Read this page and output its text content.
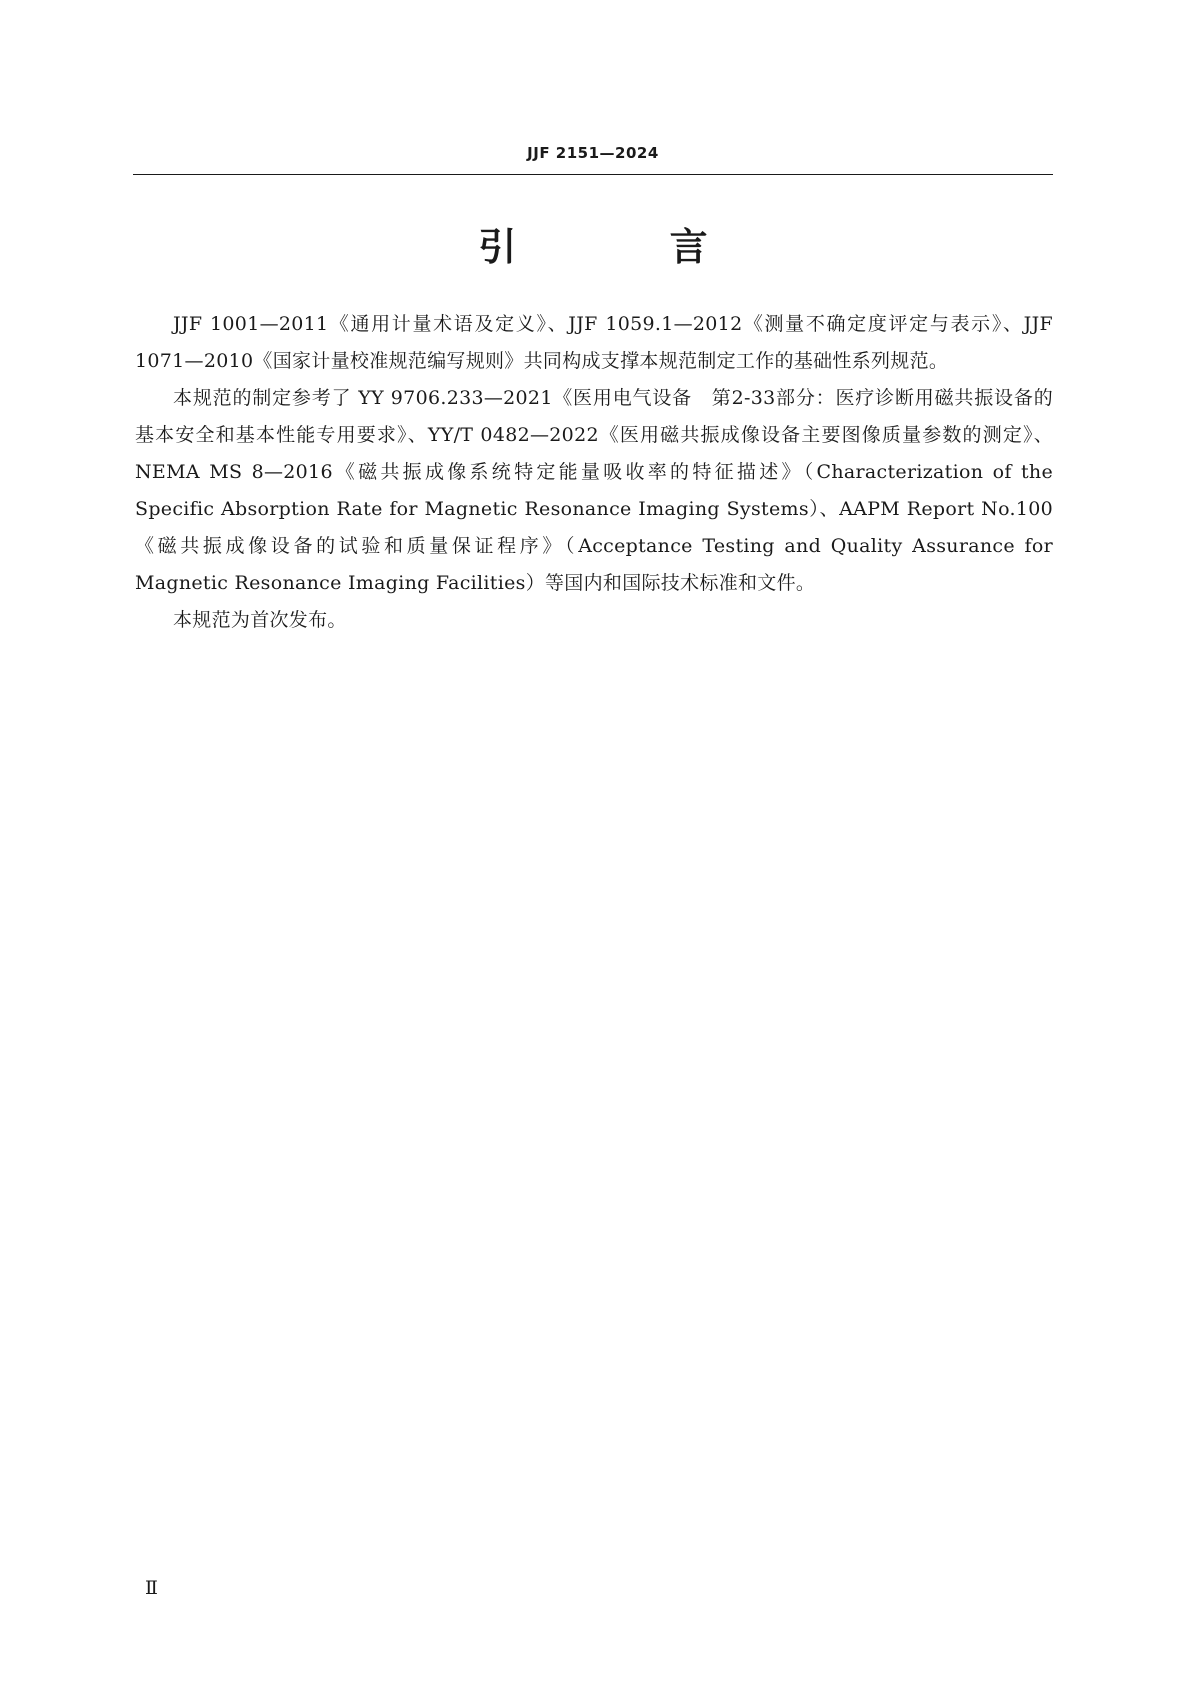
JJF 2151—2024
引 言

JJF 1001—2011《通用计量术语及定义》、JJF 1059.1—2012《测量不确定度评定与表示》、JJF 1071—2010《国家计量校准规范编写规则》共同构成支撑本规范制定工作的基础性系列规范。

本规范的制定参考了 YY 9706.233—2021《医用电气设备　第2-33部分：医疗诊断用磁共振设备的基本安全和基本性能专用要求》、YY/T 0482—2022《医用磁共振成像设备主要图像质量参数的测定》、NEMA MS 8—2016《磁共振成像系统特定能量吸收率的特征描述》（Characterization of the Specific Absorption Rate for Magnetic Resonance Imaging Systems）、AAPM Report No.100《磁共振成像设备的试验和质量保证程序》（Acceptance Testing and Quality Assurance for Magnetic Resonance Imaging Facilities）等国内和国际技术标准和文件。

本规范为首次发布。

Ⅱ
